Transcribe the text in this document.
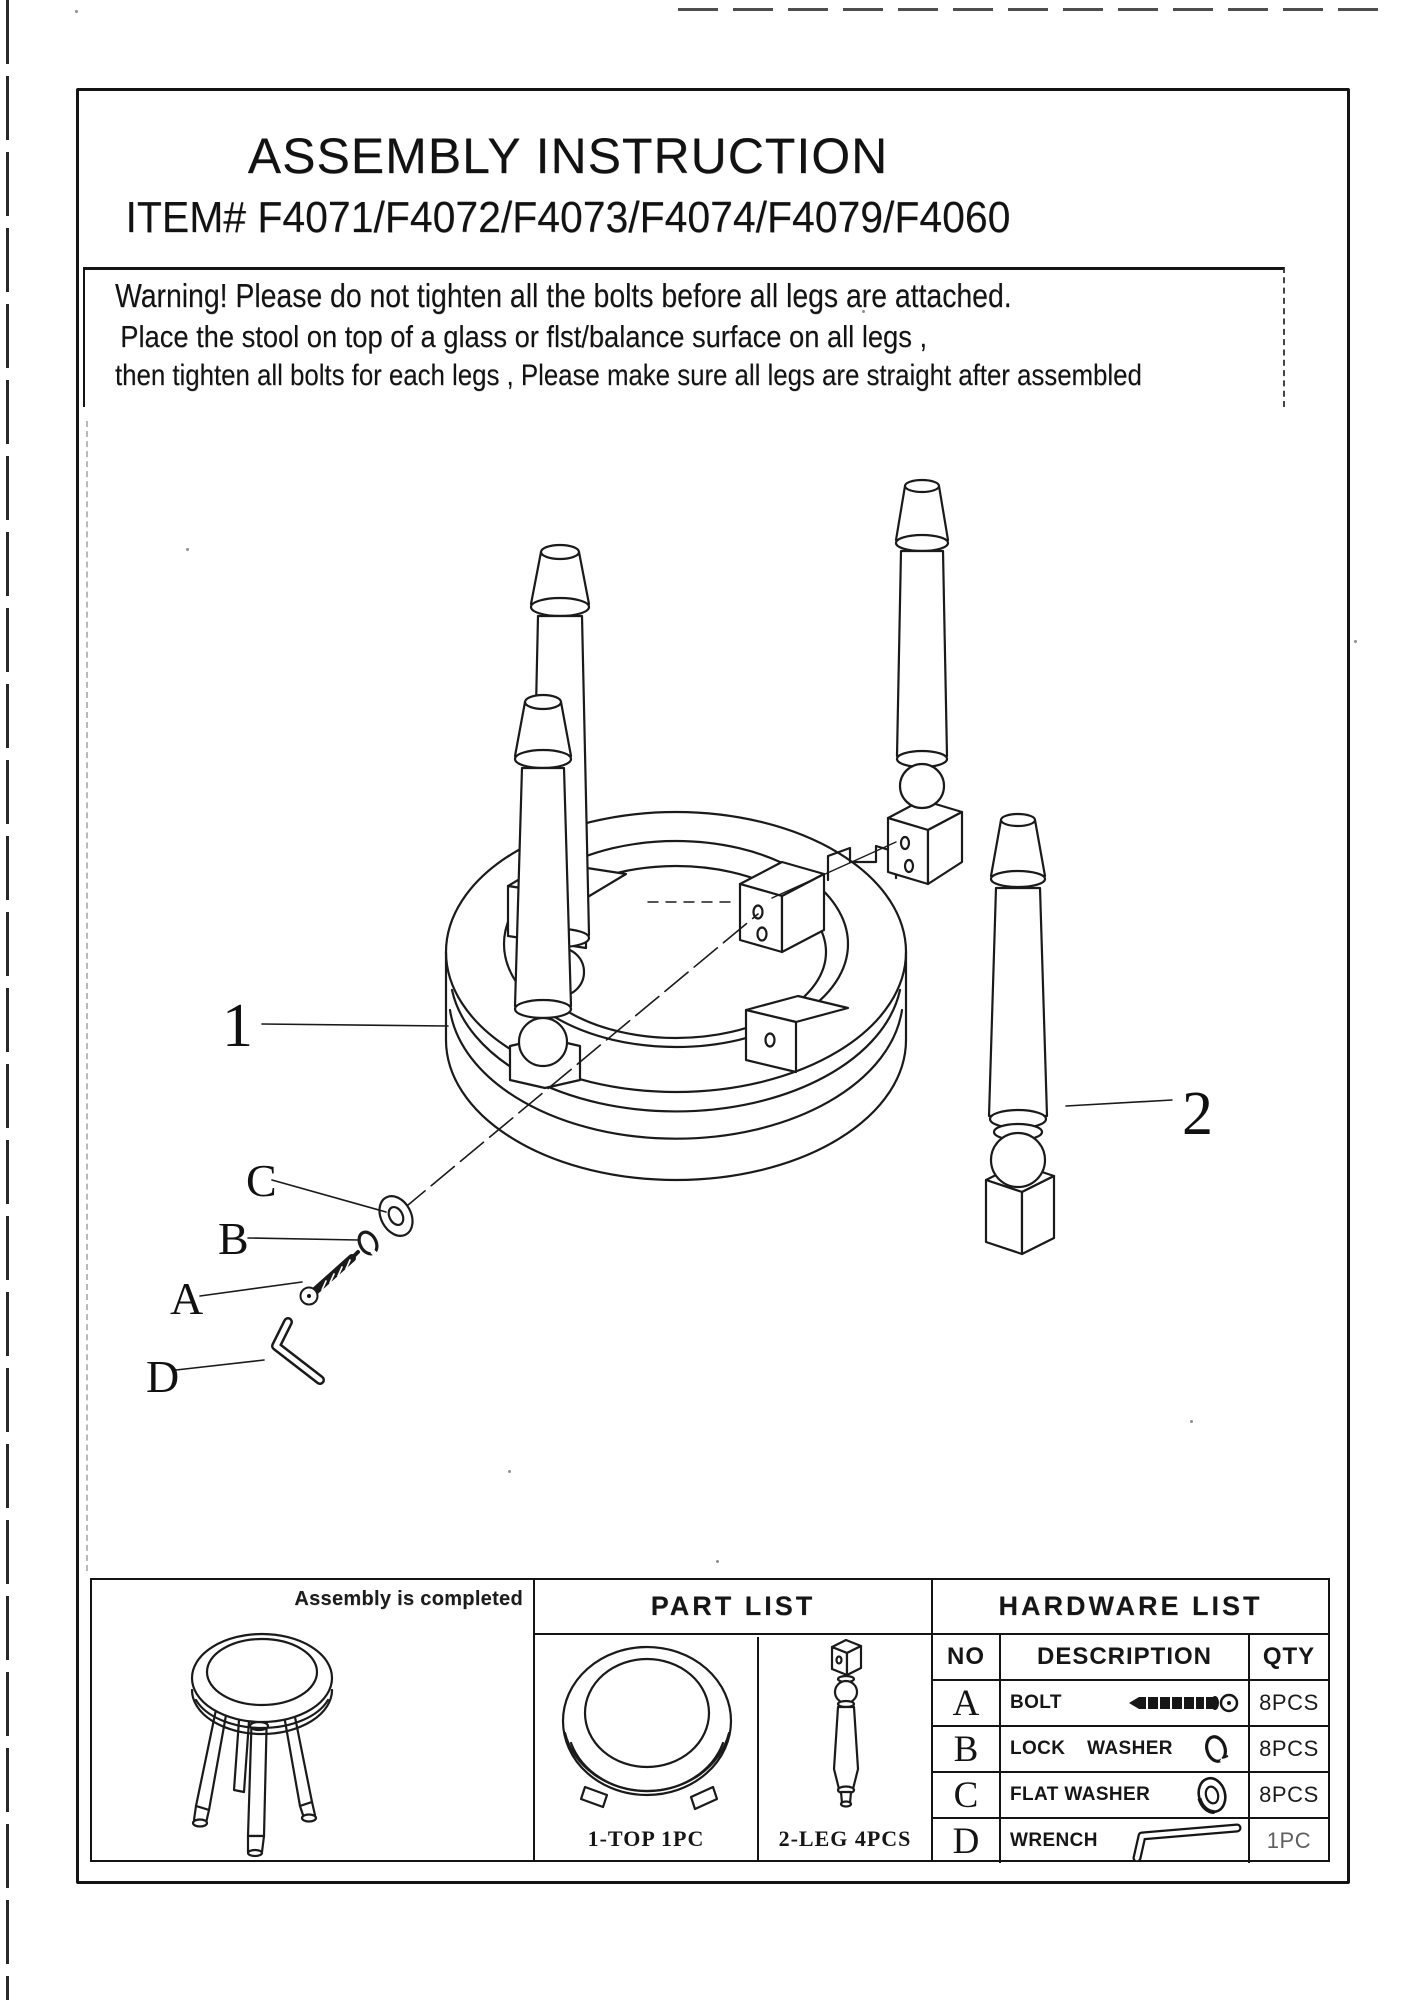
ASSEMBLY INSTRUCTION
ITEM# F4071/F4072/F4073/F4074/F4079/F4060
Warning! Please do not tighten all the bolts before all legs are attached.
Place the stool on top of a glass or flst/balance surface on all legs ,
then tighten all bolts for each legs , Please make sure all legs are straight after assembled
1
2
C
B
A
D
Assembly is completed	PART LIST
1-TOP 1PC	2-LEG 4PCS
HARDWARE LIST
NO	DESCRIPTION	QTY
A	BOLT	8PCS
B	LOCK WASHER	8PCS
C	FLAT WASHER	8PCS
D	WRENCH	1PC
